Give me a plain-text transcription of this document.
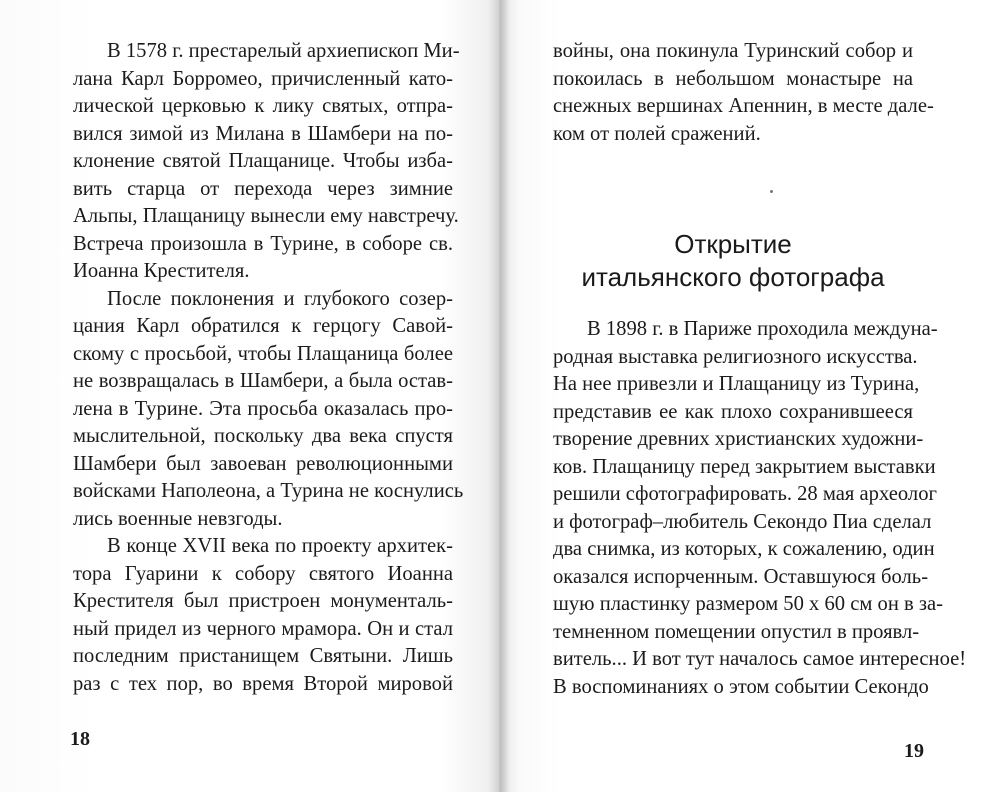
В 1578 г. престарелый архиепископ Ми-
лана Карл Борромео, причисленный като-
лической церковью к лику святых, отпра-
вился зимой из Милана в Шамбери на по-
клонение святой Плащанице. Чтобы избa-
вить старца от перехода через зимние
Альпы, Плащаницу вынесли ему навстречу.
Встреча произошла в Турине, в соборе св.
Иоанна Крестителя.
После поклонения и глубокого созер-
цания Карл обратился к герцогу Савой-
скому с просьбой, чтобы Плащаница более
не возвращалась в Шамбери, а была остав-
лена в Турине. Эта просьба оказалась про-
мыслительной, поскольку два века спустя
Шамбери был завоеван революционными
войсками Наполеона, а Турина не коснулись
лись военные невзгоды.
В конце XVII века по проекту архитек-
тора Гуарини к собору святого Иоанна
Крестителя был пристроен монументаль-
ный придел из черного мрамора. Он и стал
последним пристанищем Святыни. Лишь
раз с тех пор, во время Второй мировой
18
войны, она покинула Туринский собор и
покоилась в небольшом монастыре на
снежных вершинах Апеннин, в месте дале-
ком от полей сражений.
Открытие
итальянского фотографа
В 1898 г. в Париже проходила междуна-
родная выставка религиозного искусства.
На нее привезли и Плащаницу из Турина,
представив ее как плохо сохранившееся
творение древних христианских художни-
ков. Плащаницу перед закрытием выставки
решили сфотографировать. 28 мая археолог
и фотограф–любитель Секондо Пиа сделал
два снимка, из которых, к сожалению, один
оказался испорченным. Оставшуюся боль-
шую пластинку размером 50 х 60 см он в за-
темненном помещении опустил в проявл-
витель... И вот тут началось самое интересное!
В воспоминаниях о этом событии Секондо
19
